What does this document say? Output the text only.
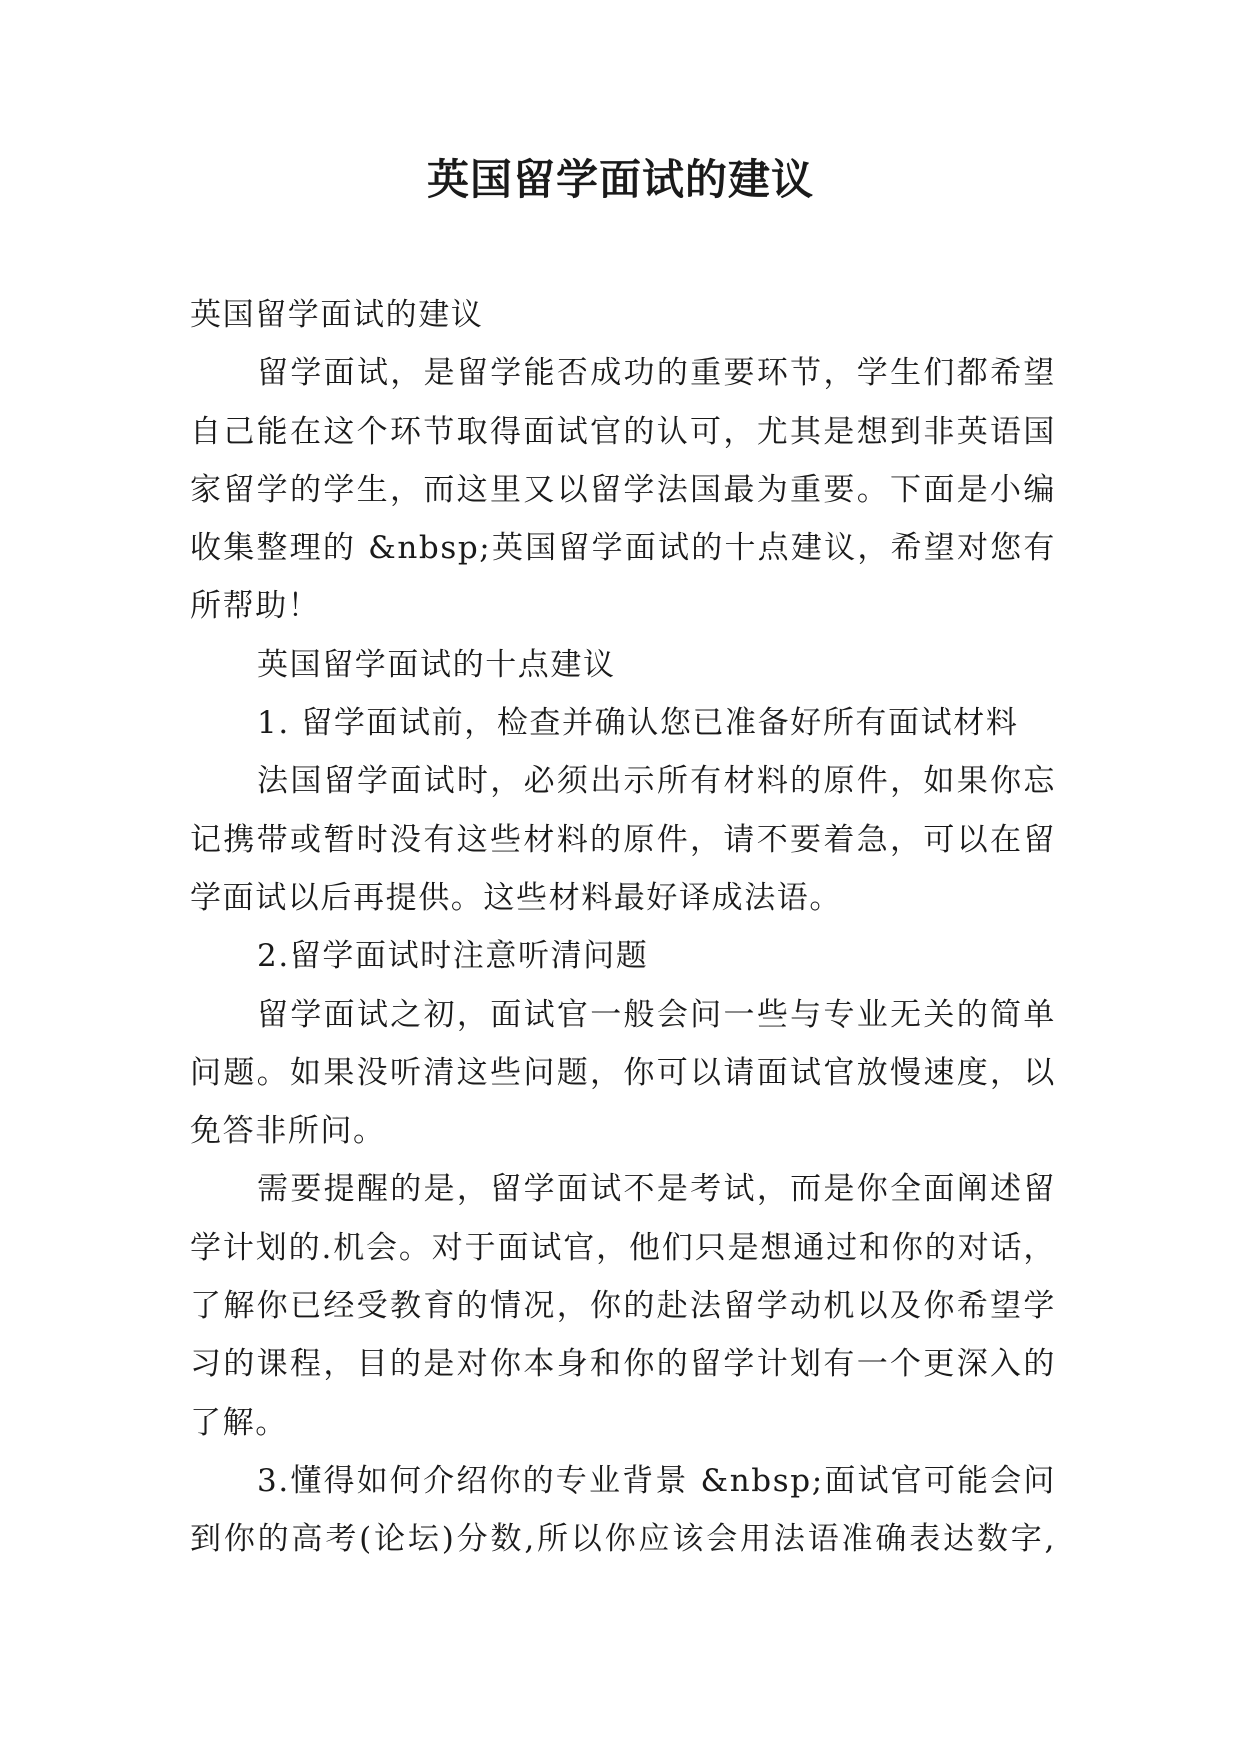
英国留学面试的建议
英国留学面试的建议
留学面试，是留学能否成功的重要环节，学生们都希望
自己能在这个环节取得面试官的认可，尤其是想到非英语国
家留学的学生，而这里又以留学法国最为重要。下面是小编
收集整理的 &nbsp;英国留学面试的十点建议，希望对您有
所帮助！
英国留学面试的十点建议
1. 留学面试前，检查并确认您已准备好所有面试材料
法国留学面试时，必须出示所有材料的原件，如果你忘
记携带或暂时没有这些材料的原件，请不要着急，可以在留
学面试以后再提供。这些材料最好译成法语。
2.留学面试时注意听清问题
留学面试之初，面试官一般会问一些与专业无关的简单
问题。如果没听清这些问题，你可以请面试官放慢速度，以
免答非所问。
需要提醒的是，留学面试不是考试，而是你全面阐述留
学计划的.机会。对于面试官，他们只是想通过和你的对话，
了解你已经受教育的情况，你的赴法留学动机以及你希望学
习的课程，目的是对你本身和你的留学计划有一个更深入的
了解。
3.懂得如何介绍你的专业背景 &nbsp;面试官可能会问
到你的高考(论坛)分数,所以你应该会用法语准确表达数字,
